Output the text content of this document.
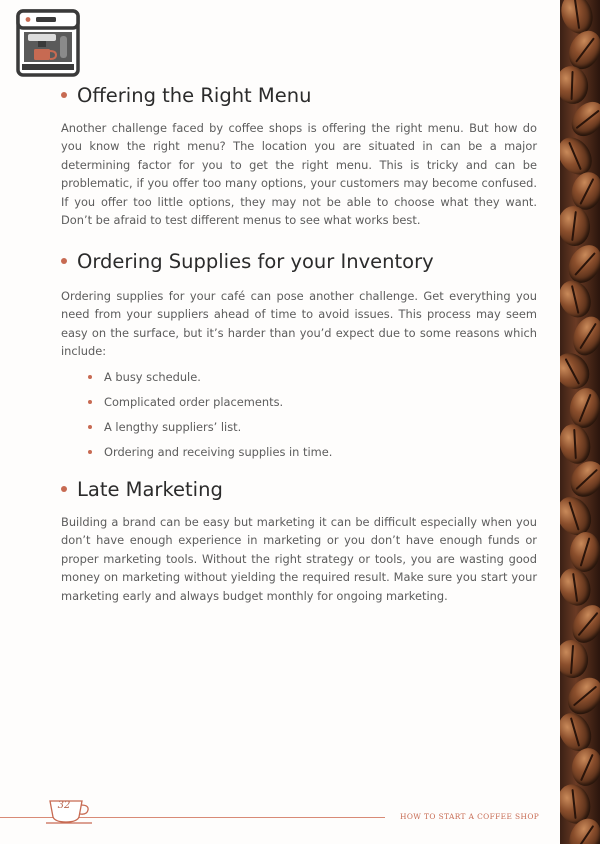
Offering the Right Menu

Another challenge faced by coffee shops is offering the right menu. But how do you know the right menu? The location you are situated in can be a major determining factor for you to get the right menu. This is tricky and can be problematic, if you offer too many options, your customers may become confused. If you offer too little options, they may not be able to choose what they want. Don’t be afraid to test different menus to see what works best.

Ordering Supplies for your Inventory

Ordering supplies for your café can pose another challenge. Get everything you need from your suppliers ahead of time to avoid issues. This process may seem easy on the surface, but it’s harder than you’d expect due to some reasons which include:

A busy schedule.
Complicated order placements.
A lengthy suppliers’ list.
Ordering and receiving supplies in time.
Late Marketing

Building a brand can be easy but marketing it can be difficult especially when you don’t have enough experience in marketing or you don’t have enough funds or proper marketing tools. Without the right strategy or tools, you are wasting good money on marketing without yielding the required result. Make sure you start your marketing early and always budget monthly for ongoing marketing.

32
HOW TO START A COFFEE SHOP
